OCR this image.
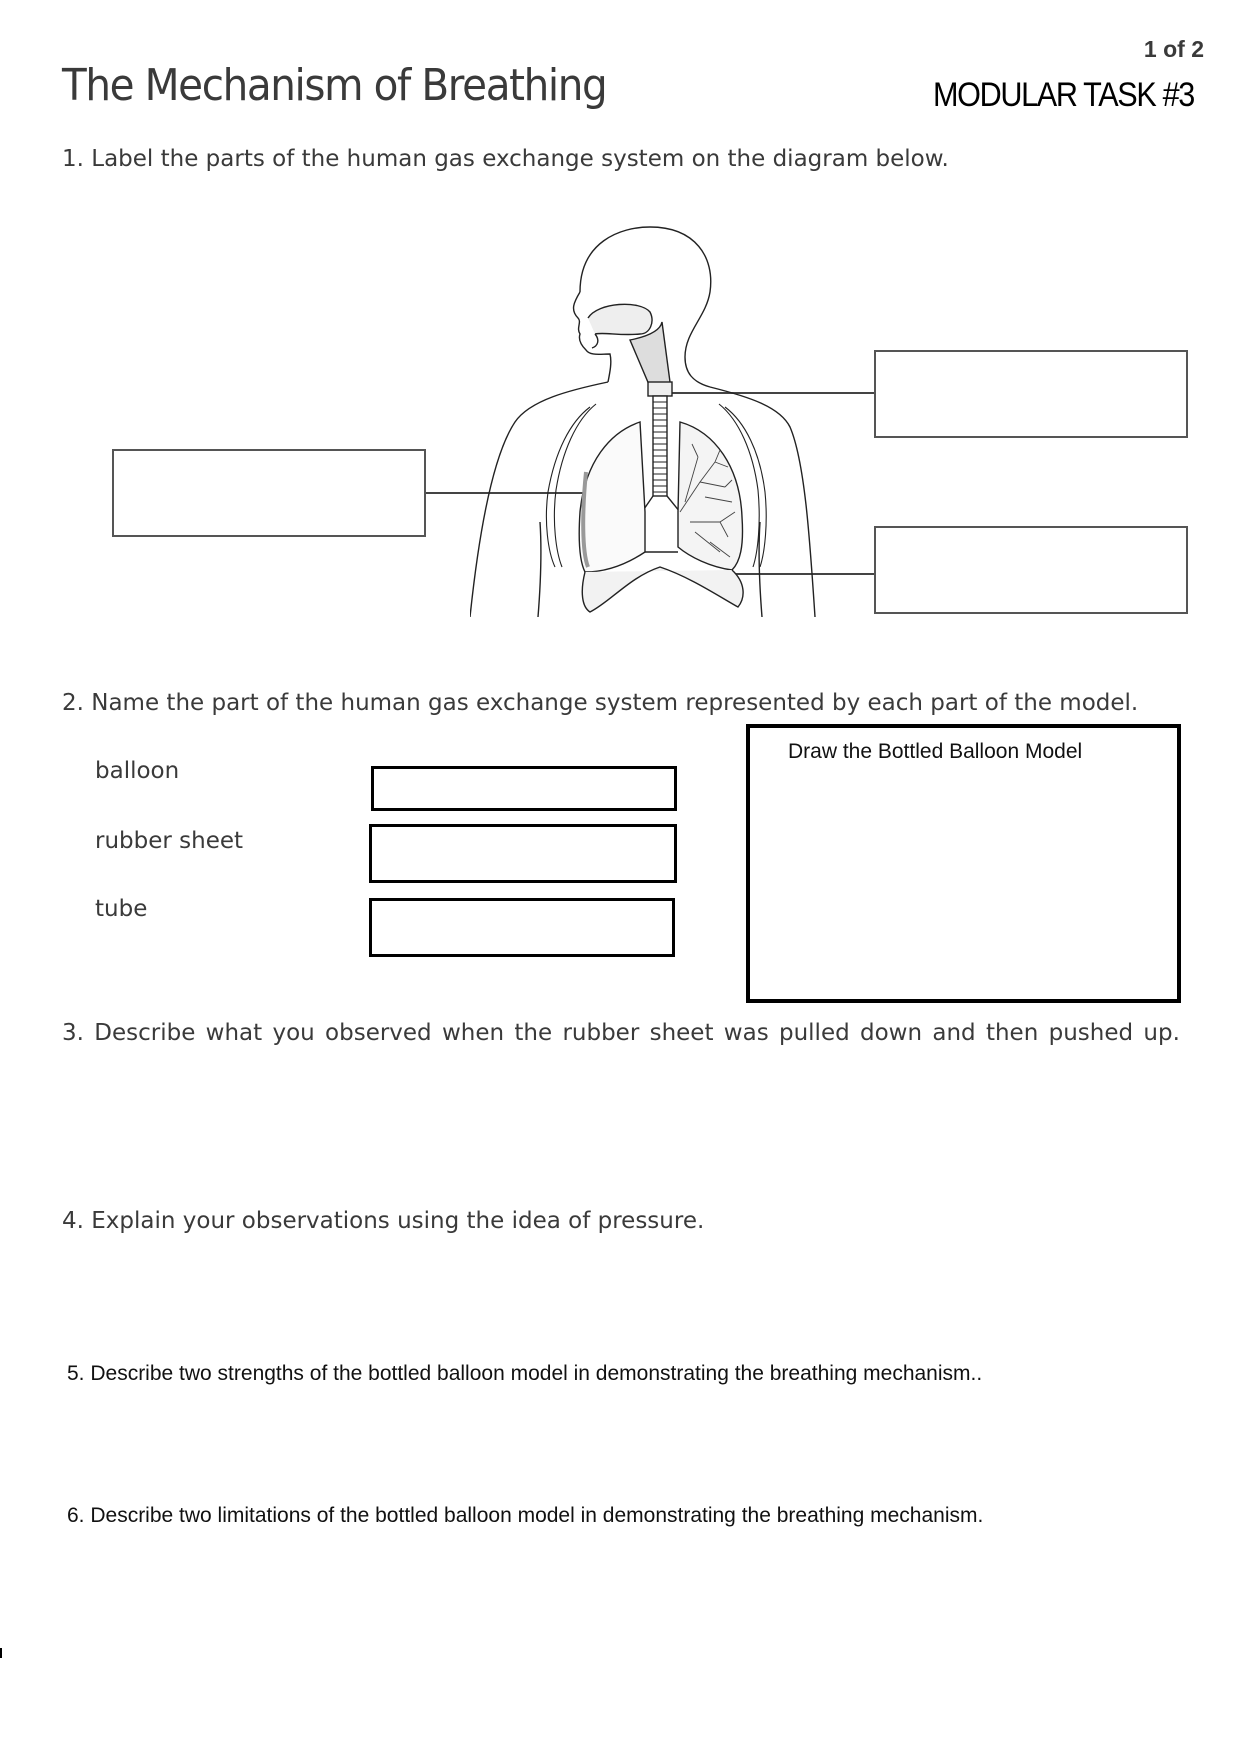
1 of 2
The Mechanism of Breathing	MODULAR TASK #3
1. Label the parts of the human gas exchange system on the diagram below.
2. Name the part of the human gas exchange system represented by each part of the model.
balloon
rubber sheet
tube
Draw the Bottled Balloon Model
3. Describe what you observed when the rubber sheet was pulled down and then pushed up.
4. Explain your observations using the idea of pressure.
5. Describe two strengths of the bottled balloon model in demonstrating the breathing mechanism..
6. Describe two limitations of the bottled balloon model in demonstrating the breathing mechanism.
